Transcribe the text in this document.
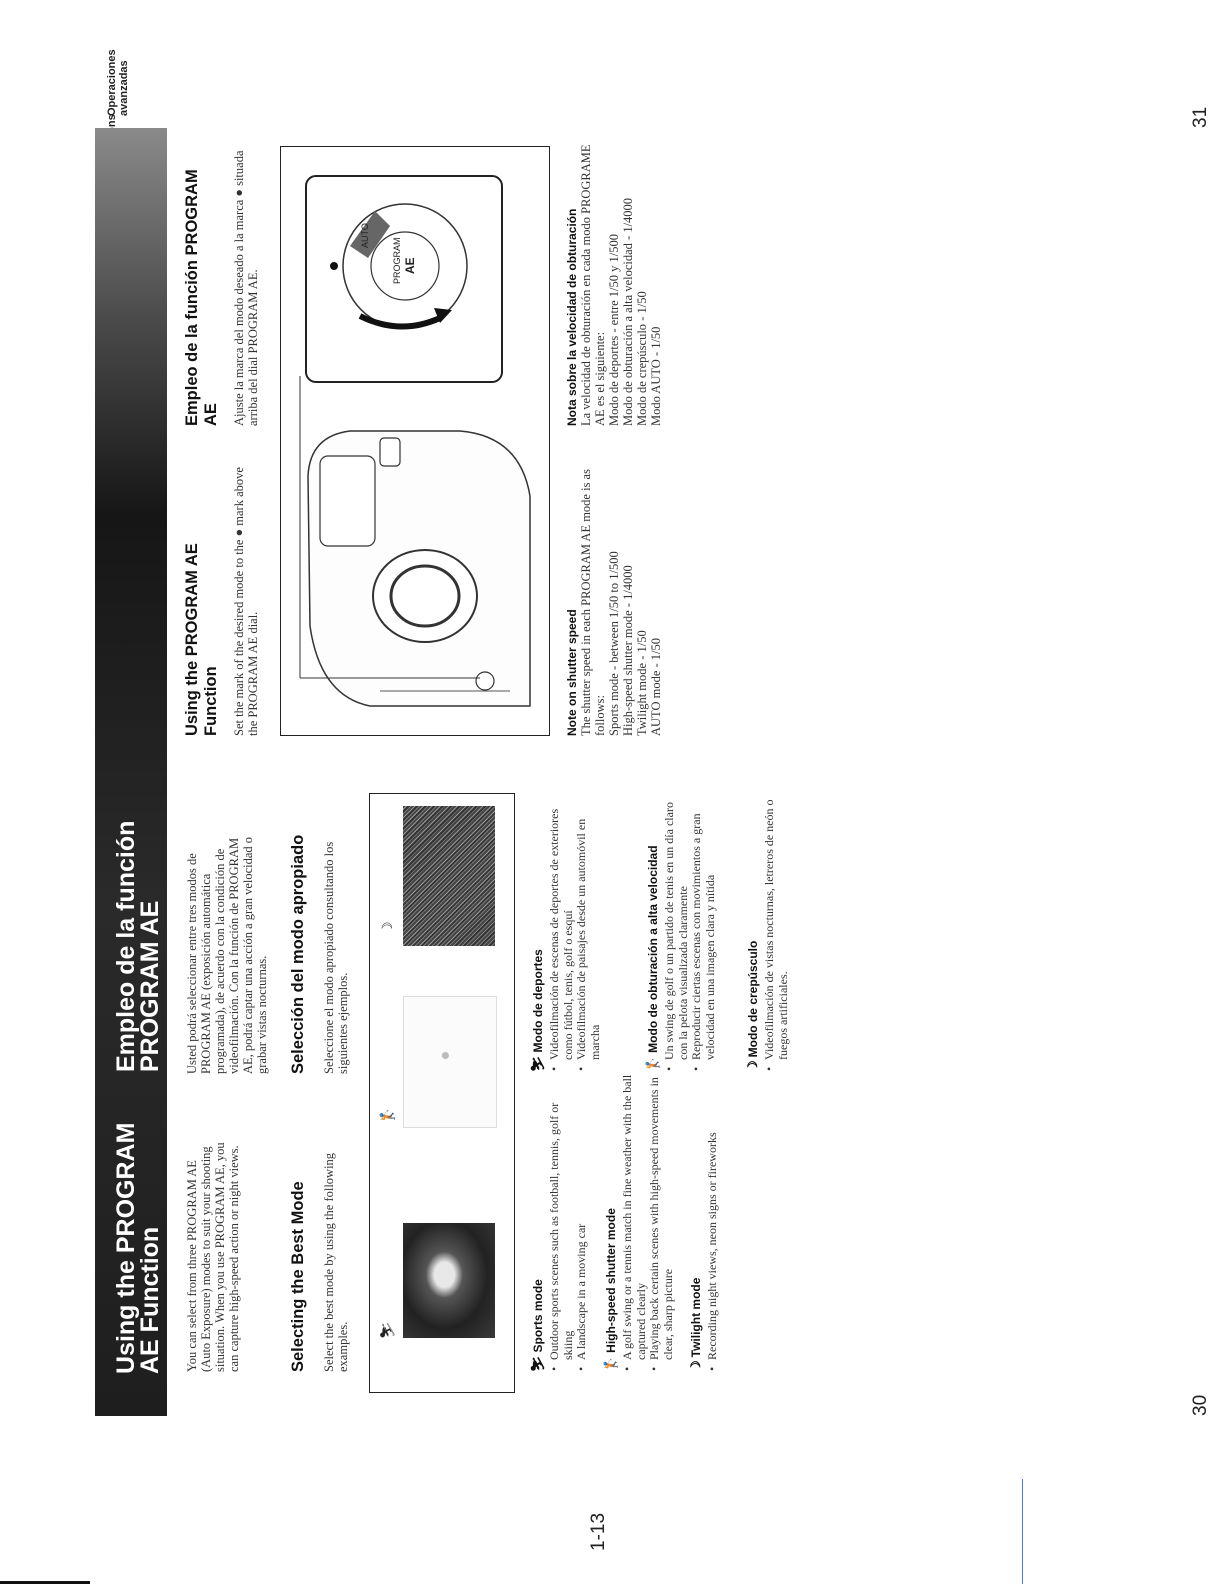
Operaciones avanzadas
30
31
1-13
Using the PROGRAM
AE Function
Empleo de la función
PROGRAM AE
You can select from three PROGRAM AE (Auto Exposure) modes to suit your shooting situation. When you use PROGRAM AE, you can capture high-speed action or night views.
Usted podrá seleccionar entre tres modos de PROGRAM AE (exposición automática programada), de acuerdo con la condición de videofilmación. Con la función de PROGRAM AE, podrá captar una acción a gran velocidad o grabar vistas nocturnas.
Selecting the Best Mode Select the best mode by using the following examples.
Selección del modo apropiado Seleccione el modo apropiado consultando los siguientes ejemplos.
⛷
🏌
☽
⛷Sports mode • Outdoor sports scenes such as football, tennis, golf or skiing • A landscape in a moving car
🏌High-speed shutter mode • A golf swing or a tennis match in fine weather with the ball captured clearly • Playing back certain scenes with high-speed movements in clear, sharp picture
☽Twilight mode • Recording night views, neon signs or fireworks
⛷Modo de deportes • Videofilmación de escenas de deportes de exteriores como fútbol, tenis, golf o esquí • Videofilmación de paisajes desde un automóvil en marcha
🏌Modo de obturación a alta velocidad • Un swing de golf o un partido de tenis en un día claro con la pelota visualizada claramente • Reproducir ciertas escenas con movimientos a gran velocidad en una imagen clara y nítida
☽Modo de crepúsculo • Videofilmación de vistas nocturnas, letreros de neón o fuegos artificiales.
Using the PROGRAM AE Function Set the mark of the desired mode to the ● mark above the PROGRAM AE dial.
Empleo de la función PROGRAM AE Ajuste la marca del modo deseado a la marca ● situada arriba del dial PROGRAM AE.
PROGRAM AE
AUTO
Note on shutter speed The shutter speed in each PROGRAM AE mode is as follows: Sports mode - between 1/50 to 1/500 High-speed shutter mode - 1/4000 Twilight mode - 1/50 AUTO mode - 1/50
Nota sobre la velocidad de obturación La velocidad de obturación en cada modo PROGRAME AE es el siguiente: Modo de deportes - entre 1/50 y 1/500 Modo de obturación a alta velocidad - 1/4000 Modo de crepúsculo - 1/50 Modo AUTO - 1/50
